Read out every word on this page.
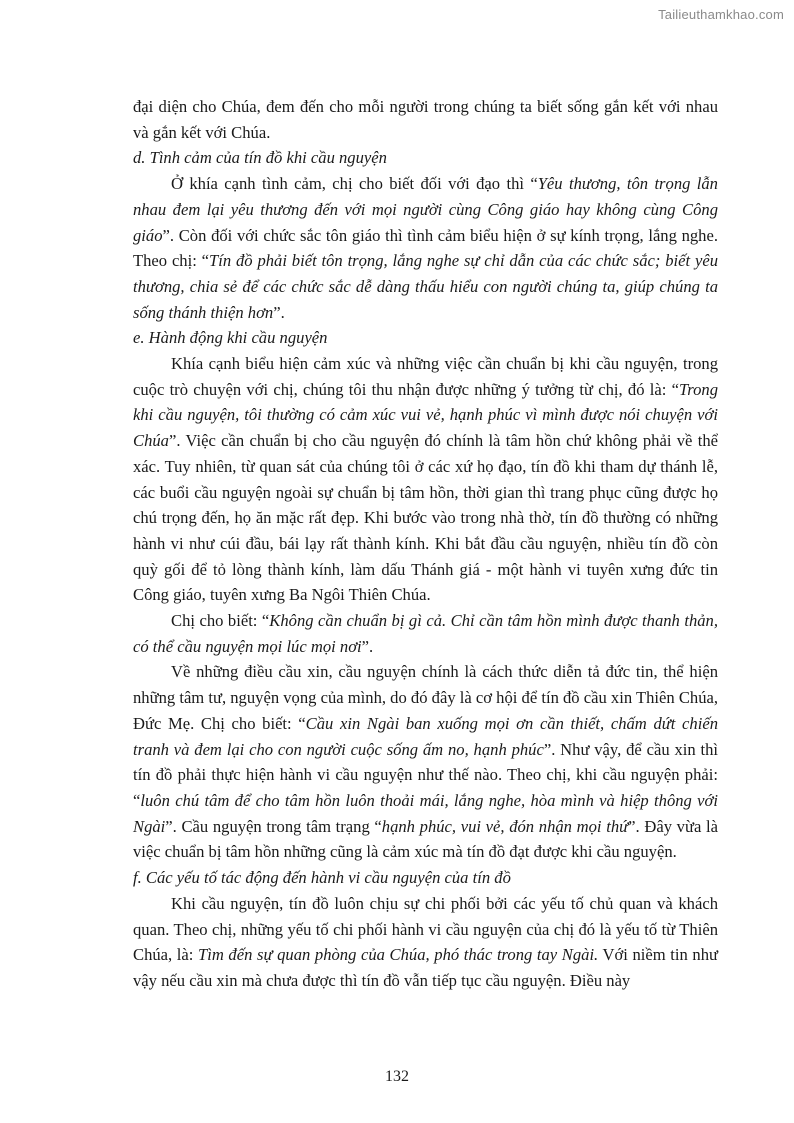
Tailieuthamkhao.com

đại diện cho Chúa, đem đến cho mỗi người trong chúng ta biết sống gắn kết với nhau và gắn kết với Chúa.

d. Tình cảm của tín đồ khi cầu nguyện

Ở khía cạnh tình cảm, chị cho biết đối với đạo thì “Yêu thương, tôn trọng lẫn nhau đem lại yêu thương đến với mọi người cùng Công giáo hay không cùng Công giáo”. Còn đối với chức sắc tôn giáo thì tình cảm biểu hiện ở sự kính trọng, lắng nghe. Theo chị: “Tín đồ phải biết tôn trọng, lắng nghe sự chỉ dẫn của các chức sắc; biết yêu thương, chia sẻ để các chức sắc dễ dàng thấu hiểu con người chúng ta, giúp chúng ta sống thánh thiện hơn”.

e. Hành động khi cầu nguyện

Khía cạnh biểu hiện cảm xúc và những việc cần chuẩn bị khi cầu nguyện, trong cuộc trò chuyện với chị, chúng tôi thu nhận được những ý tưởng từ chị, đó là: “Trong khi cầu nguyện, tôi thường có cảm xúc vui vẻ, hạnh phúc vì mình được nói chuyện với Chúa”. Việc cần chuẩn bị cho cầu nguyện đó chính là tâm hồn chứ không phải về thể xác. Tuy nhiên, từ quan sát của chúng tôi ở các xứ họ đạo, tín đồ khi tham dự thánh lễ, các buổi cầu nguyện ngoài sự chuẩn bị tâm hồn, thời gian thì trang phục cũng được họ chú trọng đến, họ ăn mặc rất đẹp. Khi bước vào trong nhà thờ, tín đồ thường có những hành vi như cúi đầu, bái lạy rất thành kính. Khi bắt đầu cầu nguyện, nhiều tín đồ còn quỳ gối để tỏ lòng thành kính, làm dấu Thánh giá - một hành vi tuyên xưng đức tin Công giáo, tuyên xưng Ba Ngôi Thiên Chúa.

Chị cho biết: “Không cần chuẩn bị gì cả. Chỉ cần tâm hồn mình được thanh thản, có thể cầu nguyện mọi lúc mọi nơi”.

Về những điều cầu xin, cầu nguyện chính là cách thức diễn tả đức tin, thể hiện những tâm tư, nguyện vọng của mình, do đó đây là cơ hội để tín đồ cầu xin Thiên Chúa, Đức Mẹ. Chị cho biết: “Cầu xin Ngài ban xuống mọi ơn cần thiết, chấm dứt chiến tranh và đem lại cho con người cuộc sống ấm no, hạnh phúc”. Như vậy, để cầu xin thì tín đồ phải thực hiện hành vi cầu nguyện như thế nào. Theo chị, khi cầu nguyện phải: “luôn chú tâm để cho tâm hồn luôn thoải mái, lắng nghe, hòa mình và hiệp thông với Ngài”. Cầu nguyện trong tâm trạng “hạnh phúc, vui vẻ, đón nhận mọi thứ”. Đây vừa là việc chuẩn bị tâm hồn những cũng là cảm xúc mà tín đồ đạt được khi cầu nguyện.

f. Các yếu tố tác động đến hành vi cầu nguyện của tín đồ

Khi cầu nguyện, tín đồ luôn chịu sự chi phối bởi các yếu tố chủ quan và khách quan. Theo chị, những yếu tố chi phối hành vi cầu nguyện của chị đó là yếu tố từ Thiên Chúa, là: Tìm đến sự quan phòng của Chúa, phó thác trong tay Ngài. Với niềm tin như vậy nếu cầu xin mà chưa được thì tín đồ vẫn tiếp tục cầu nguyện. Điều này

132
